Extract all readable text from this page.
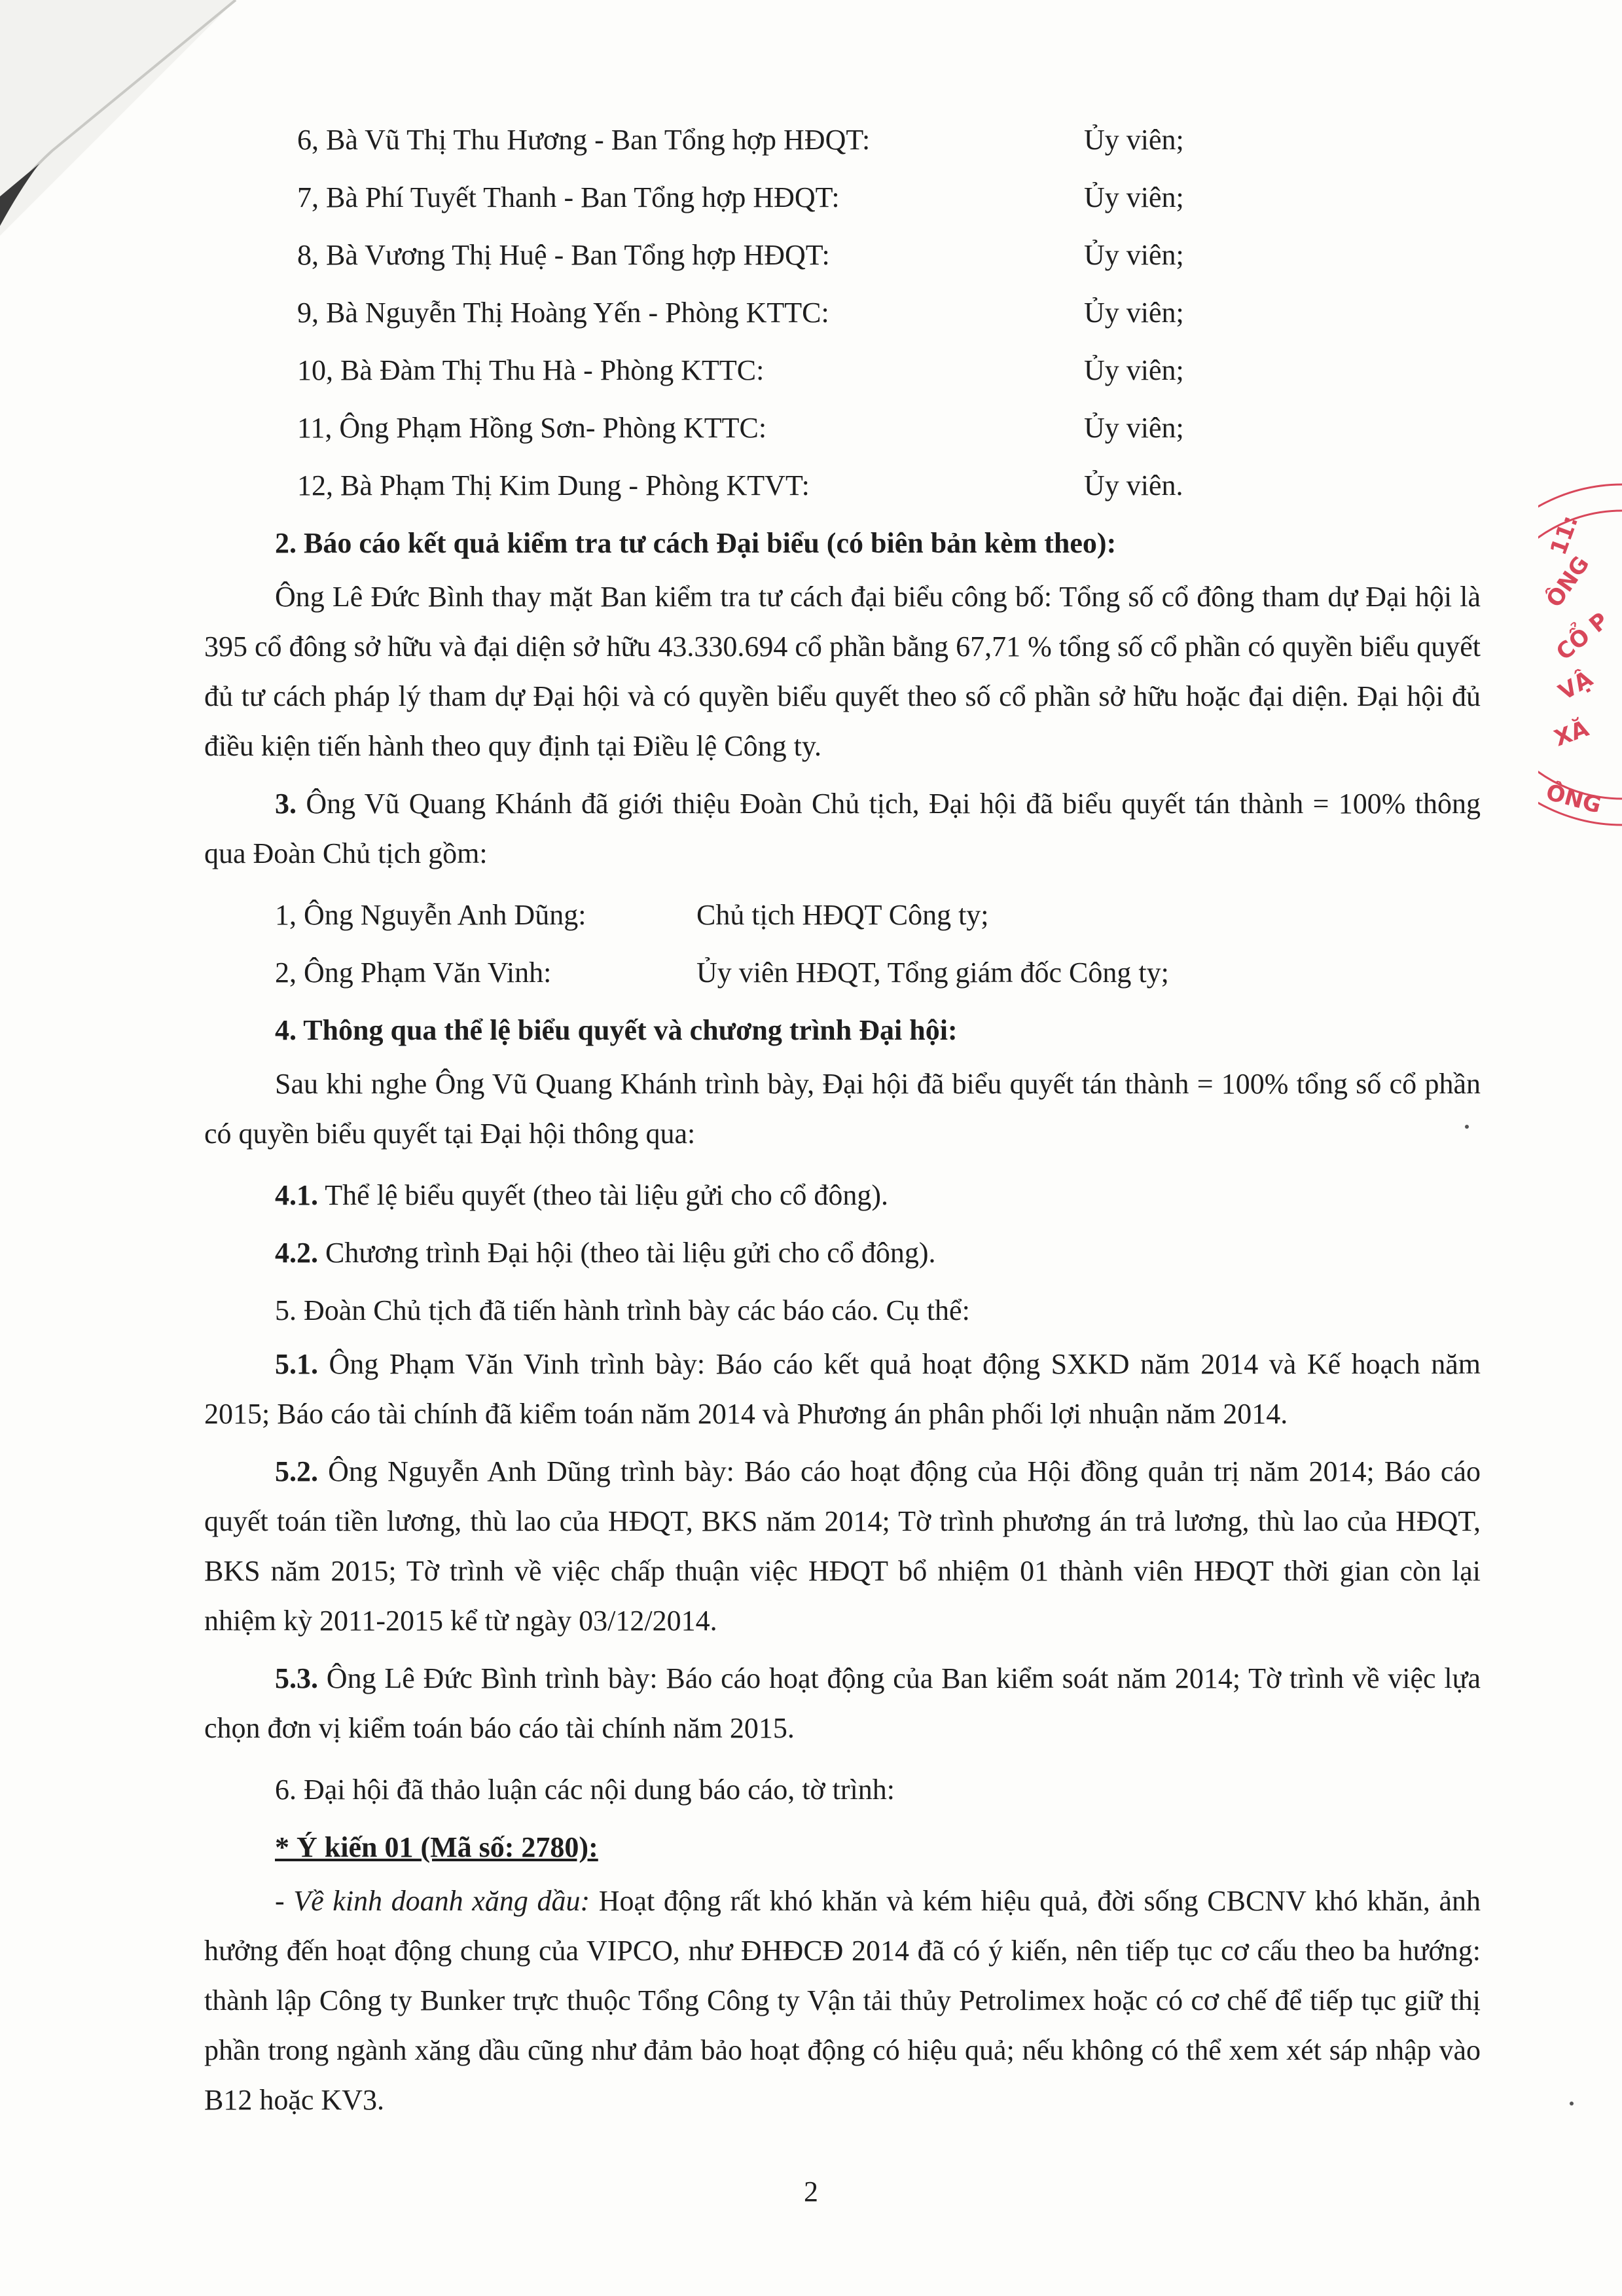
11:
ÔNG
CỔ P
VẬ
XĂ
ÔNG
6, Bà Vũ Thị Thu Hương - Ban Tổng hợp HĐQT:	Ủy viên;
7, Bà Phí Tuyết Thanh - Ban Tổng hợp HĐQT:	Ủy viên;
8, Bà Vương Thị Huệ - Ban Tổng hợp HĐQT:	Ủy viên;
9, Bà Nguyễn Thị Hoàng Yến - Phòng KTTC:	Ủy viên;
10, Bà Đàm Thị Thu Hà - Phòng KTTC:	Ủy viên;
11, Ông Phạm Hồng Sơn- Phòng KTTC:	Ủy viên;
12, Bà Phạm Thị Kim Dung - Phòng KTVT:	Ủy viên.
2. Báo cáo kết quả kiểm tra tư cách Đại biểu (có biên bản kèm theo):

Ông Lê Đức Bình thay mặt Ban kiểm tra tư cách đại biểu công bố: Tổng số cổ đông tham dự Đại hội là 395 cổ đông sở hữu và đại diện sở hữu 43.330.694 cổ phần bằng 67,71 % tổng số cổ phần có quyền biểu quyết đủ tư cách pháp lý tham dự Đại hội và có quyền biểu quyết theo số cổ phần sở hữu hoặc đại diện. Đại hội đủ điều kiện tiến hành theo quy định tại Điều lệ Công ty.

3. Ông Vũ Quang Khánh đã giới thiệu Đoàn Chủ tịch, Đại hội đã biểu quyết tán thành = 100% thông qua Đoàn Chủ tịch gồm:

1, Ông Nguyễn Anh Dũng:	Chủ tịch HĐQT Công ty;
2, Ông Phạm Văn Vinh:	Ủy viên HĐQT, Tổng giám đốc Công ty;
4. Thông qua thể lệ biểu quyết và chương trình Đại hội:

Sau khi nghe Ông Vũ Quang Khánh trình bày, Đại hội đã biểu quyết tán thành = 100% tổng số cổ phần có quyền biểu quyết tại Đại hội thông qua:

4.1. Thể lệ biểu quyết (theo tài liệu gửi cho cổ đông).
4.2. Chương trình Đại hội (theo tài liệu gửi cho cổ đông).
5. Đoàn Chủ tịch đã tiến hành trình bày các báo cáo. Cụ thể:

5.1. Ông Phạm Văn Vinh trình bày: Báo cáo kết quả hoạt động SXKD năm 2014 và Kế hoạch năm 2015; Báo cáo tài chính đã kiểm toán năm 2014 và Phương án phân phối lợi nhuận năm 2014.

5.2. Ông Nguyễn Anh Dũng trình bày: Báo cáo hoạt động của Hội đồng quản trị năm 2014; Báo cáo quyết toán tiền lương, thù lao của HĐQT, BKS năm 2014; Tờ trình phương án trả lương, thù lao của HĐQT, BKS năm 2015; Tờ trình về việc chấp thuận việc HĐQT bổ nhiệm 01 thành viên HĐQT thời gian còn lại nhiệm kỳ 2011-2015 kể từ ngày 03/12/2014.

5.3. Ông Lê Đức Bình trình bày: Báo cáo hoạt động của Ban kiểm soát năm 2014; Tờ trình về việc lựa chọn đơn vị kiểm toán báo cáo tài chính năm 2015.

6. Đại hội đã thảo luận các nội dung báo cáo, tờ trình:
* Ý kiến 01 (Mã số: 2780):

- Về kinh doanh xăng dầu: Hoạt động rất khó khăn và kém hiệu quả, đời sống CBCNV khó khăn, ảnh hưởng đến hoạt động chung của VIPCO, như ĐHĐCĐ 2014 đã có ý kiến, nên tiếp tục cơ cấu theo ba hướng: thành lập Công ty Bunker trực thuộc Tổng Công ty Vận tải thủy Petrolimex hoặc có cơ chế để tiếp tục giữ thị phần trong ngành xăng dầu cũng như đảm bảo hoạt động có hiệu quả; nếu không có thể xem xét sáp nhập vào B12 hoặc KV3.

2
